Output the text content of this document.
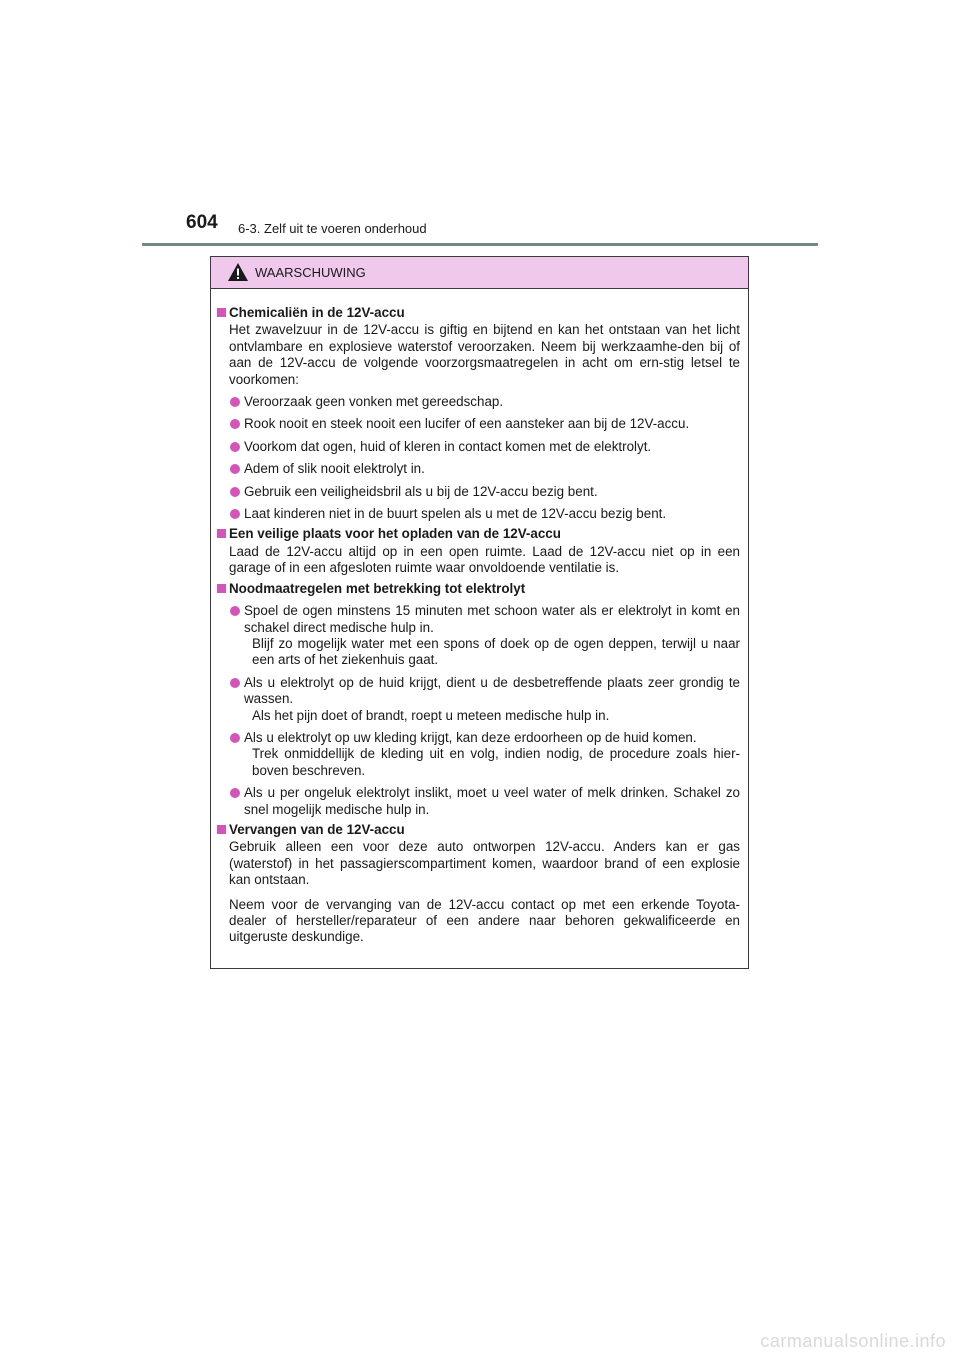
604 6-3. Zelf uit te voeren onderhoud
WAARSCHUWING
Chemicaliën in de 12V-accu
Het zwavelzuur in de 12V-accu is giftig en bijtend en kan het ontstaan van het licht ontvlambare en explosieve waterstof veroorzaken. Neem bij werkzaamhe-den bij of aan de 12V-accu de volgende voorzorgsmaatregelen in acht om ern-stig letsel te voorkomen:
Veroorzaak geen vonken met gereedschap.
Rook nooit en steek nooit een lucifer of een aansteker aan bij de 12V-accu.
Voorkom dat ogen, huid of kleren in contact komen met de elektrolyt.
Adem of slik nooit elektrolyt in.
Gebruik een veiligheidsbril als u bij de 12V-accu bezig bent.
Laat kinderen niet in de buurt spelen als u met de 12V-accu bezig bent.
Een veilige plaats voor het opladen van de 12V-accu
Laad de 12V-accu altijd op in een open ruimte. Laad de 12V-accu niet op in een garage of in een afgesloten ruimte waar onvoldoende ventilatie is.
Noodmaatregelen met betrekking tot elektrolyt
Spoel de ogen minstens 15 minuten met schoon water als er elektrolyt in komt en schakel direct medische hulp in.
Blijf zo mogelijk water met een spons of doek op de ogen deppen, terwijl u naar een arts of het ziekenhuis gaat.
Als u elektrolyt op de huid krijgt, dient u de desbetreffende plaats zeer grondig te wassen.
Als het pijn doet of brandt, roept u meteen medische hulp in.
Als u elektrolyt op uw kleding krijgt, kan deze erdoorheen op de huid komen.
Trek onmiddellijk de kleding uit en volg, indien nodig, de procedure zoals hier-boven beschreven.
Als u per ongeluk elektrolyt inslikt, moet u veel water of melk drinken. Schakel zo snel mogelijk medische hulp in.
Vervangen van de 12V-accu
Gebruik alleen een voor deze auto ontworpen 12V-accu. Anders kan er gas (waterstof) in het passagierscompartiment komen, waardoor brand of een explosie kan ontstaan.
Neem voor de vervanging van de 12V-accu contact op met een erkende Toyota-dealer of hersteller/reparateur of een andere naar behoren gekwalificeerde en uitgeruste deskundige.
carmanualsonline.info
